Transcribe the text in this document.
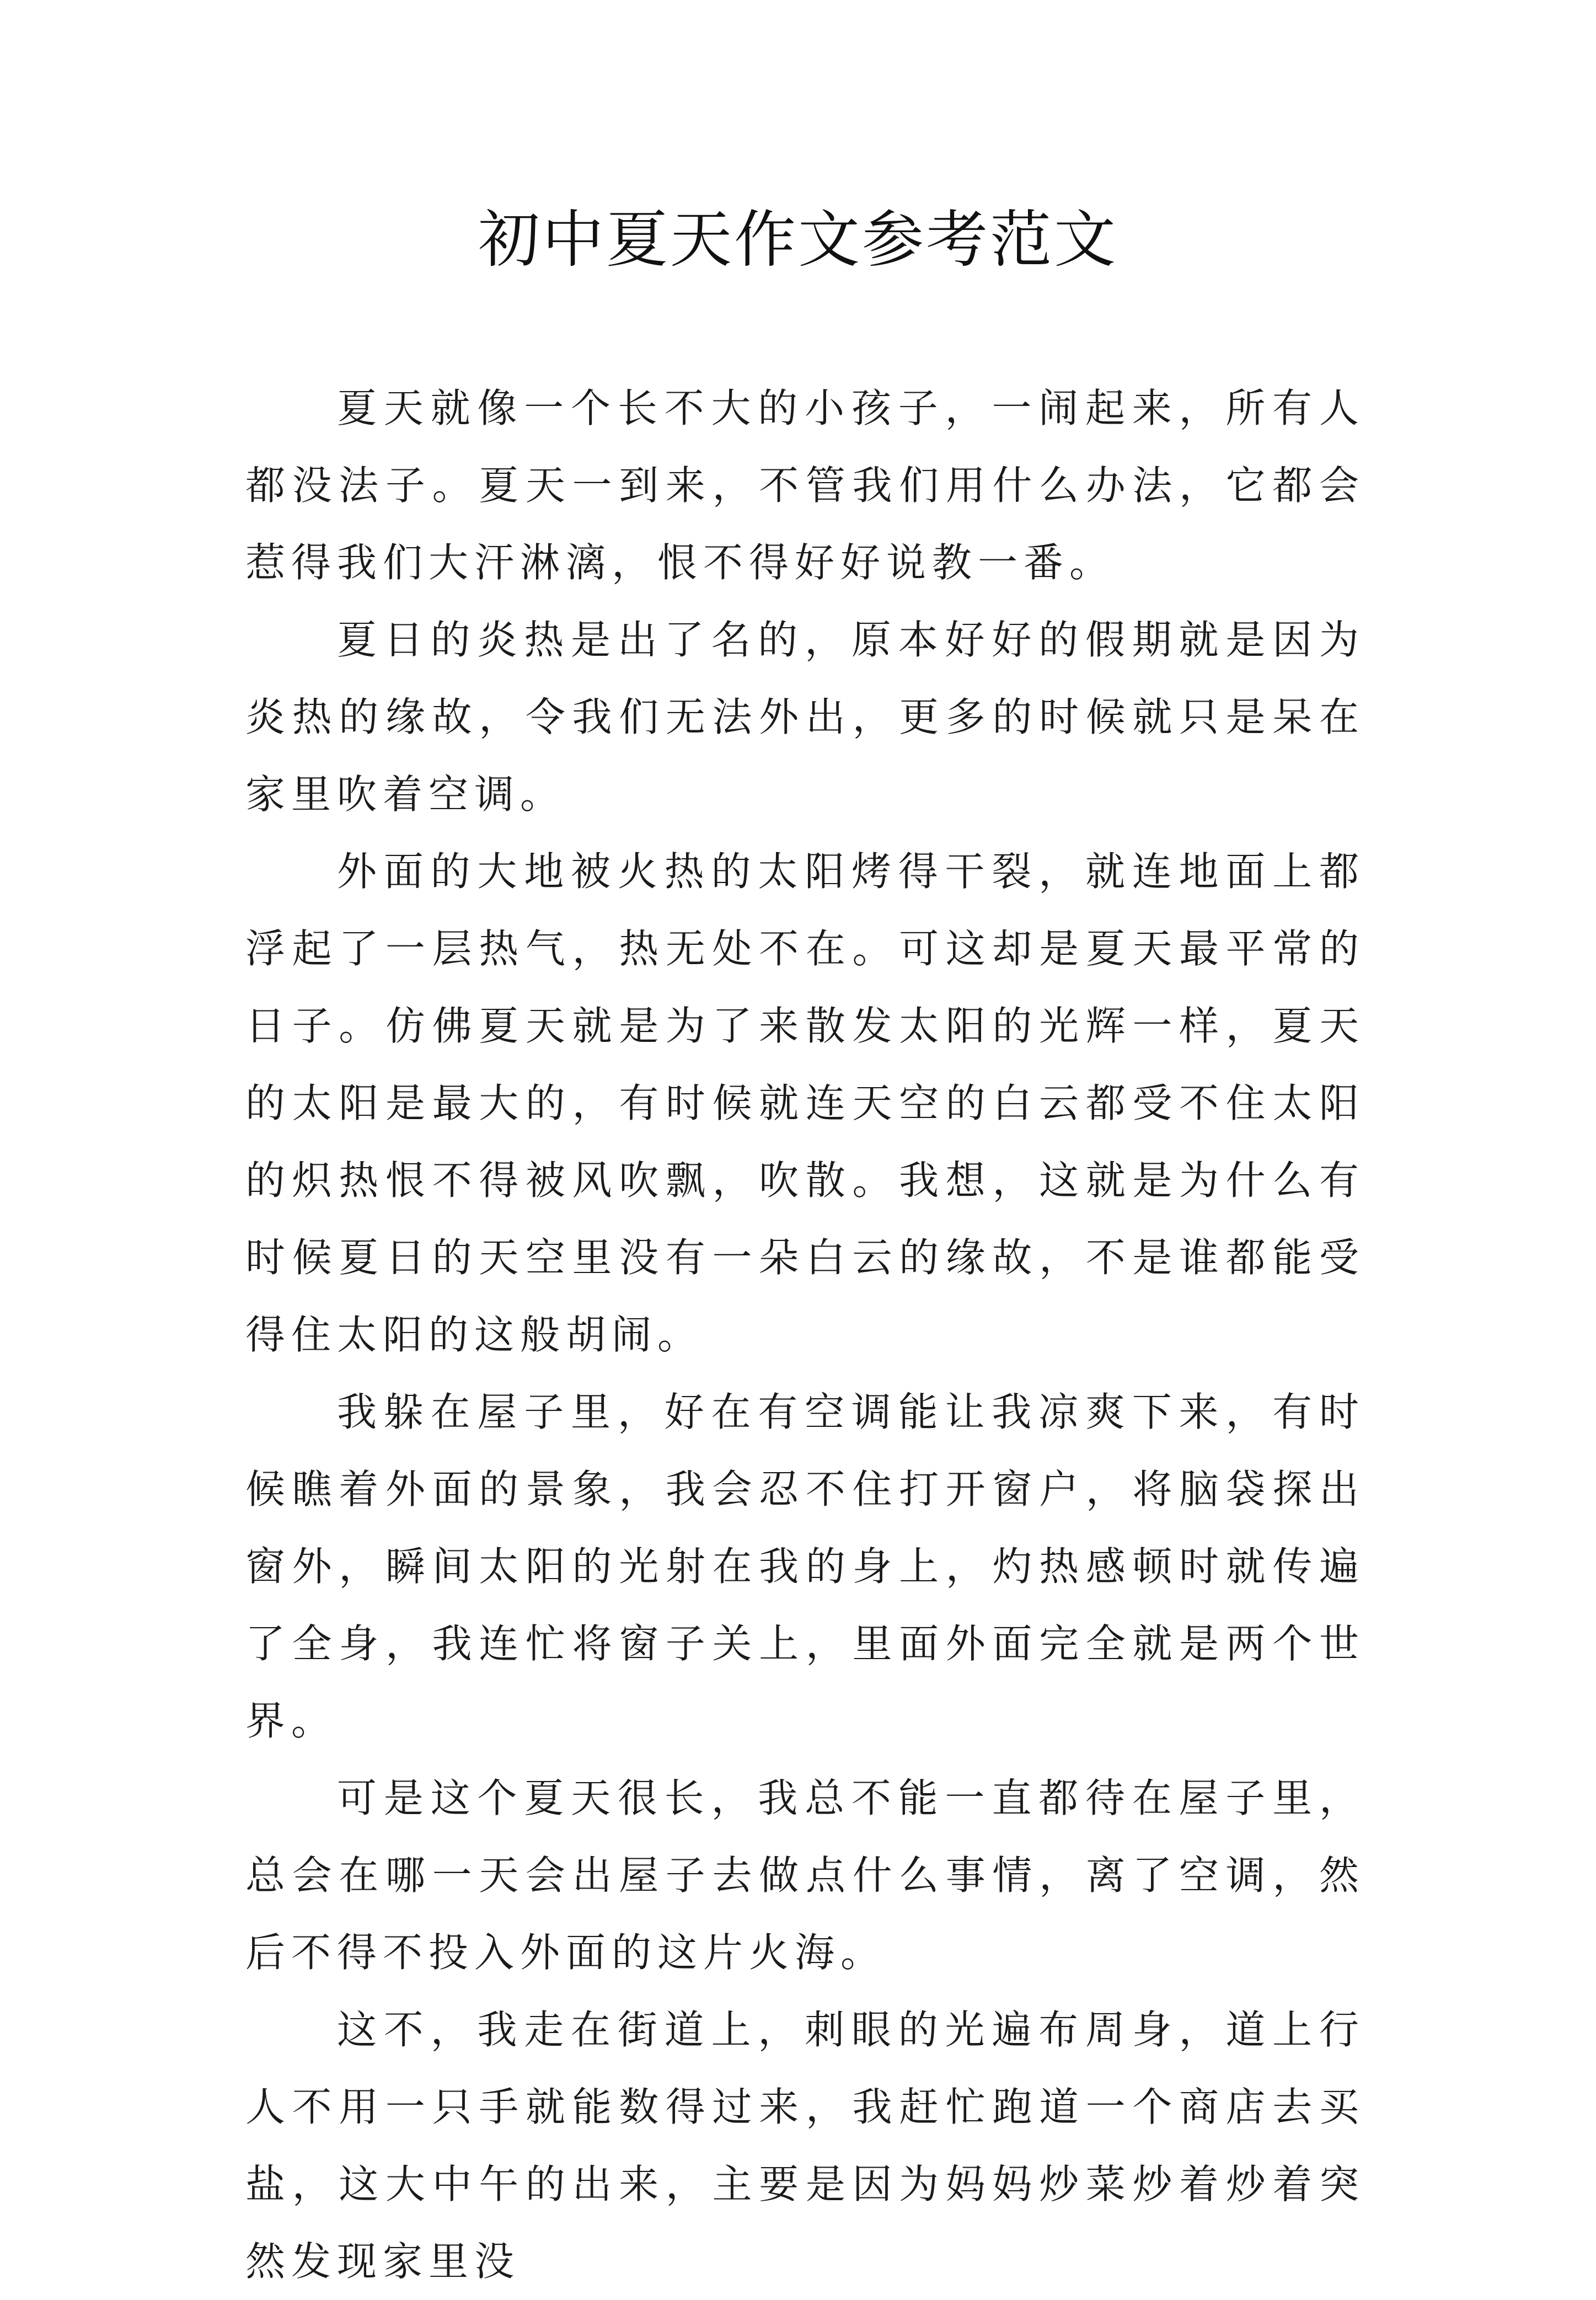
初中夏天作文参考范文

夏天就像一个长不大的小孩子，一闹起来，所有人都没法子。夏天一到来，不管我们用什么办法，它都会惹得我们大汗淋漓，恨不得好好说教一番。

夏日的炎热是出了名的，原本好好的假期就是因为炎热的缘故，令我们无法外出，更多的时候就只是呆在家里吹着空调。

外面的大地被火热的太阳烤得干裂，就连地面上都浮起了一层热气，热无处不在。可这却是夏天最平常的日子。仿佛夏天就是为了来散发太阳的光辉一样，夏天的太阳是最大的，有时候就连天空的白云都受不住太阳的炽热恨不得被风吹飘，吹散。我想，这就是为什么有时候夏日的天空里没有一朵白云的缘故，不是谁都能受得住太阳的这般胡闹。

我躲在屋子里，好在有空调能让我凉爽下来，有时候瞧着外面的景象，我会忍不住打开窗户，将脑袋探出窗外，瞬间太阳的光射在我的身上，灼热感顿时就传遍了全身，我连忙将窗子关上，里面外面完全就是两个世界。

可是这个夏天很长，我总不能一直都待在屋子里，总会在哪一天会出屋子去做点什么事情，离了空调，然后不得不投入外面的这片火海。

这不，我走在街道上，刺眼的光遍布周身，道上行人不用一只手就能数得过来，我赶忙跑道一个商店去买盐，这大中午的出来，主要是因为妈妈炒菜炒着炒着突然发现家里没
